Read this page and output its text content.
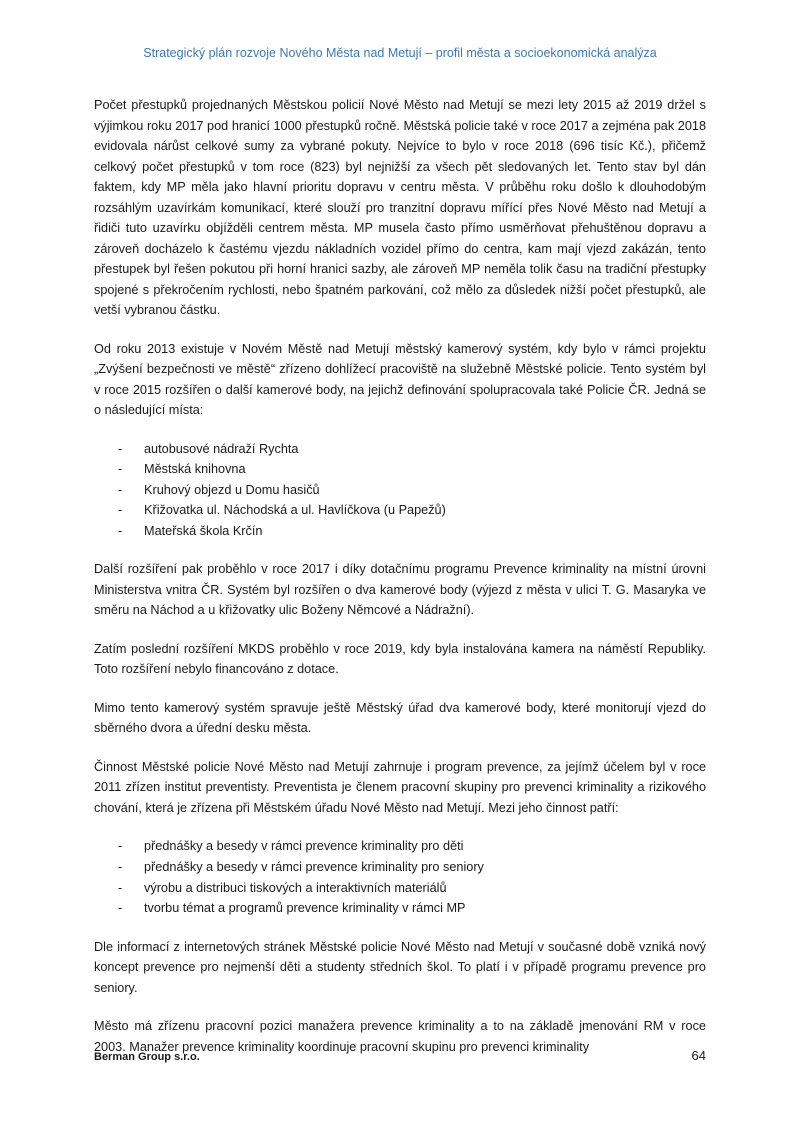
Strategický plán rozvoje Nového Města nad Metují – profil města a socioekonomická analýza

Počet přestupků projednaných Městskou policií Nové Město nad Metují se mezi lety 2015 až 2019 držel s výjimkou roku 2017 pod hranicí 1000 přestupků ročně. Městská policie také v roce 2017 a zejména pak 2018 evidovala nárůst celkové sumy za vybrané pokuty. Nejvíce to bylo v roce 2018 (696 tisíc Kč.), přičemž celkový počet přestupků v tom roce (823) byl nejnižší za všech pět sledovaných let. Tento stav byl dán faktem, kdy MP měla jako hlavní prioritu dopravu v centru města. V průběhu roku došlo k dlouhodobým rozsáhlým uzavírkám komunikací, které slouží pro tranzitní dopravu mířící přes Nové Město nad Metují a řidiči tuto uzavírku objížděli centrem města. MP musela často přímo usměrňovat přehuštěnou dopravu a zároveň docházelo k častému vjezdu nákladních vozidel přímo do centra, kam mají vjezd zakázán, tento přestupek byl řešen pokutou při horní hranici sazby, ale zároveň MP neměla tolik času na tradiční přestupky spojené s překročením rychlosti, nebo špatném parkování, což mělo za důsledek nižší počet přestupků, ale vetší vybranou částku.

Od roku 2013 existuje v Novém Městě nad Metují městský kamerový systém, kdy bylo v rámci projektu „Zvýšení bezpečnosti ve městě“ zřízeno dohlížecí pracoviště na služebně Městské policie. Tento systém byl v roce 2015 rozšířen o další kamerové body, na jejichž definování spolupracovala také Policie ČR. Jedná se o následující místa:

- autobusové nádraží Rychta
- Městská knihovna
- Kruhový objezd u Domu hasičů
- Křižovatka ul. Náchodská a ul. Havlíčkova (u Papežů)
- Mateřská škola Krčín

Další rozšíření pak proběhlo v roce 2017 i díky dotačnímu programu Prevence kriminality na místní úrovni Ministerstva vnitra ČR. Systém byl rozšířen o dva kamerové body (výjezd z města v ulici T. G. Masaryka ve směru na Náchod a u křižovatky ulic Boženy Němcové a Nádražní).

Zatím poslední rozšíření MKDS proběhlo v roce 2019, kdy byla instalována kamera na náměstí Republiky. Toto rozšíření nebylo financováno z dotace.

Mimo tento kamerový systém spravuje ještě Městský úřad dva kamerové body, které monitorují vjezd do sběrného dvora a úřední desku města.

Činnost Městské policie Nové Město nad Metují zahrnuje i program prevence, za jejímž účelem byl v roce 2011 zřízen institut preventisty. Preventista je členem pracovní skupiny pro prevenci kriminality a rizikového chování, která je zřízena při Městském úřadu Nové Město nad Metují. Mezi jeho činnost patří:

- přednášky a besedy v rámci prevence kriminality pro děti
- přednášky a besedy v rámci prevence kriminality pro seniory
- výrobu a distribuci tiskových a interaktivních materiálů
- tvorbu témat a programů prevence kriminality v rámci MP

Dle informací z internetových stránek Městské policie Nové Město nad Metují v současné době vzniká nový koncept prevence pro nejmenší děti a studenty středních škol. To platí i v případě programu prevence pro seniory.

Město má zřízenu pracovní pozici manažera prevence kriminality a to na základě jmenování RM v roce 2003. Manažer prevence kriminality koordinuje pracovní skupinu pro prevenci kriminality

Berman Group s.r.o.	64
